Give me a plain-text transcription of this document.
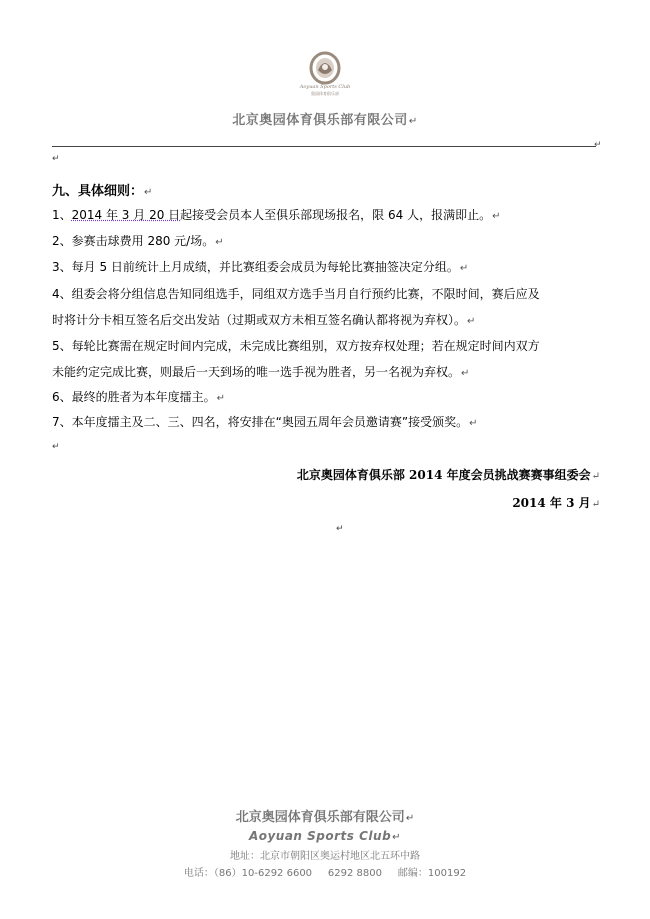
Aoyuan Sports Club
奥园体育俱乐部
北京奥园体育俱乐部有限公司↵
↵
↵
九、具体细则：↵
1、2014 年 3 月 20 日起接受会员本人至俱乐部现场报名，限 64 人，报满即止。↵
2、参赛击球费用 280 元/场。↵
3、每月 5 日前统计上月成绩，并比赛组委会成员为每轮比赛抽签决定分组。↵
4、组委会将分组信息告知同组选手，同组双方选手当月自行预约比赛，不限时间，赛后应及
时将计分卡相互签名后交出发站（过期或双方未相互签名确认都将视为弃权）。↵
5、每轮比赛需在规定时间内完成，未完成比赛组别，双方按弃权处理；若在规定时间内双方
未能约定完成比赛，则最后一天到场的唯一选手视为胜者，另一名视为弃权。↵
6、最终的胜者为本年度擂主。↵
7、本年度擂主及二、三、四名，将安排在“奥园五周年会员邀请赛”接受颁奖。↵
↵
北京奥园体育俱乐部 2014 年度会员挑战赛赛事组委会↵
2014 年 3 月↵
↵
北京奥园体育俱乐部有限公司↵
Aoyuan Sports Club↵
地址：北京市朝阳区奥运村地区北五环中路
电话：（86）10-6292 6600     6292 8800     邮编：100192
